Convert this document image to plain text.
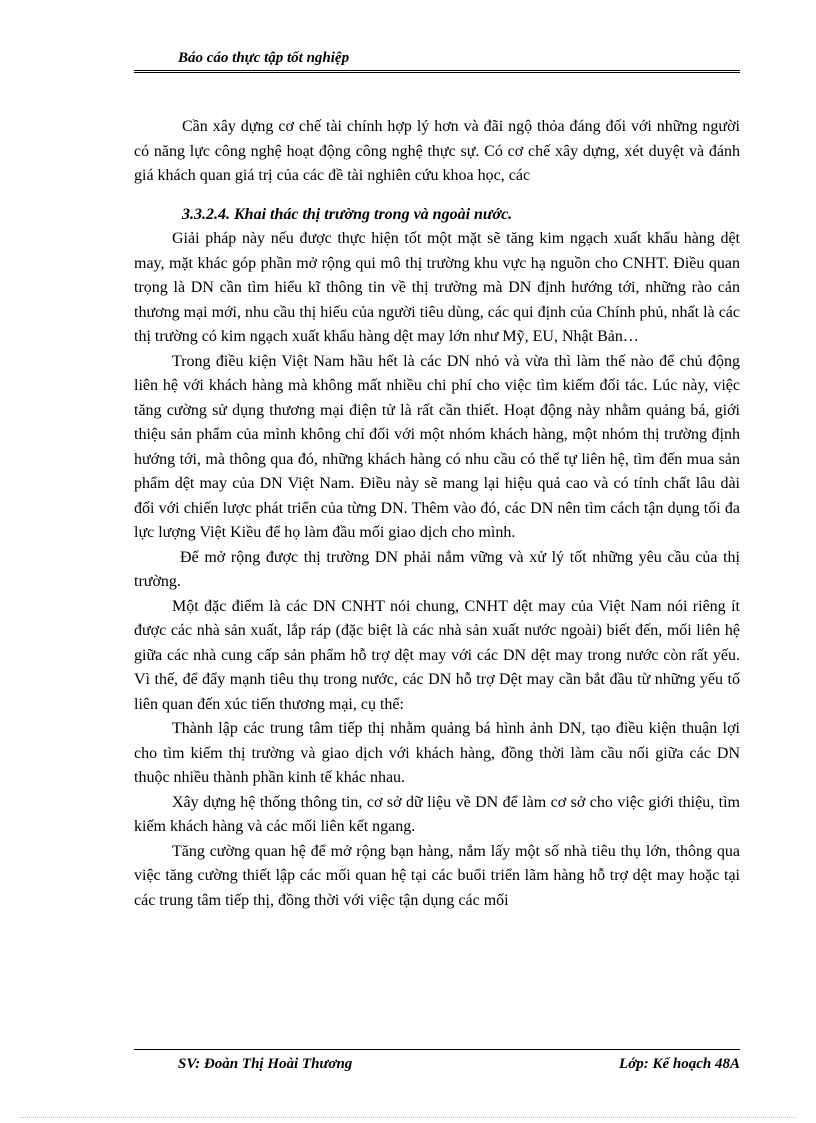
Báo cáo thực tập tốt nghiệp

Cần xây dựng cơ chế tài chính hợp lý hơn và đãi ngộ thỏa đáng đối với những người có năng lực công nghệ hoạt động công nghệ thực sự. Có cơ chế xây dựng, xét duyệt và đánh giá khách quan giá trị của các đề tài nghiên cứu khoa học, các

3.3.2.4. Khai thác thị trường trong và ngoài nước.

Giải pháp này nếu được thực hiện tốt một mặt sẽ tăng kim ngạch xuất khẩu hàng dệt may, mặt khác góp phần mở rộng qui mô thị trường khu vực hạ nguồn cho CNHT. Điều quan trọng là DN cần tìm hiểu kĩ thông tin về thị trường mà DN định hướng tới, những rào cản thương mại mới, nhu cầu thị hiếu của người tiêu dùng, các qui định của Chính phủ, nhất là các thị trường có kim ngạch xuất khẩu hàng dệt may lớn như Mỹ, EU, Nhật Bản…

Trong điều kiện Việt Nam hầu hết là các DN nhỏ và vừa thì làm thế nào để chủ động liên hệ với khách hàng mà không mất nhiều chi phí cho việc tìm kiếm đối tác. Lúc này, việc tăng cường sử dụng thương mại điện tử là rất cần thiết. Hoạt động này nhằm quảng bá, giới thiệu sản phẩm của mình không chỉ đối với một nhóm khách hàng, một nhóm thị trường định hướng tới, mà thông qua đó, những khách hàng có nhu cầu có thể tự liên hệ, tìm đến mua sản phẩm dệt may của DN Việt Nam. Điều này sẽ mang lại hiệu quả cao và có tính chất lâu dài đối với chiến lược phát triển của từng DN. Thêm vào đó, các DN nên tìm cách tận dụng tối đa lực lượng Việt Kiều để họ làm đầu mối giao dịch cho mình.

Để mở rộng được thị trường DN phải nắm vững và xử lý tốt những yêu cầu của thị trường.

Một đặc điểm là các DN CNHT nói chung, CNHT dệt may của Việt Nam nói riêng ít được các nhà sản xuất, lắp ráp (đặc biệt là các nhà sản xuất nước ngoài) biết đến, mối liên hệ giữa các nhà cung cấp sản phẩm hỗ trợ dệt may với các DN dệt may trong nước còn rất yếu. Vì thế, để đẩy mạnh tiêu thụ trong nước, các DN hỗ trợ Dệt may cần bắt đầu từ những yếu tố liên quan đến xúc tiến thương mại, cụ thể:

Thành lập các trung tâm tiếp thị nhằm quảng bá hình ảnh DN, tạo điều kiện thuận lợi cho tìm kiếm thị trường và giao dịch với khách hàng, đồng thời làm cầu nối giữa các DN thuộc nhiều thành phần kinh tế khác nhau.

Xây dựng hệ thống thông tin, cơ sở dữ liệu về DN để làm cơ sở cho việc giới thiệu, tìm kiếm khách hàng và các mối liên kết ngang.

Tăng cường quan hệ để mở rộng bạn hàng, nắm lấy một số nhà tiêu thụ lớn, thông qua việc tăng cường thiết lập các mối quan hệ tại các buổi triển lãm hàng hỗ trợ dệt may hoặc tại các trung tâm tiếp thị, đồng thời với việc tận dụng các mối

SV: Đoàn Thị Hoài Thương	Lớp: Kế hoạch 48A
